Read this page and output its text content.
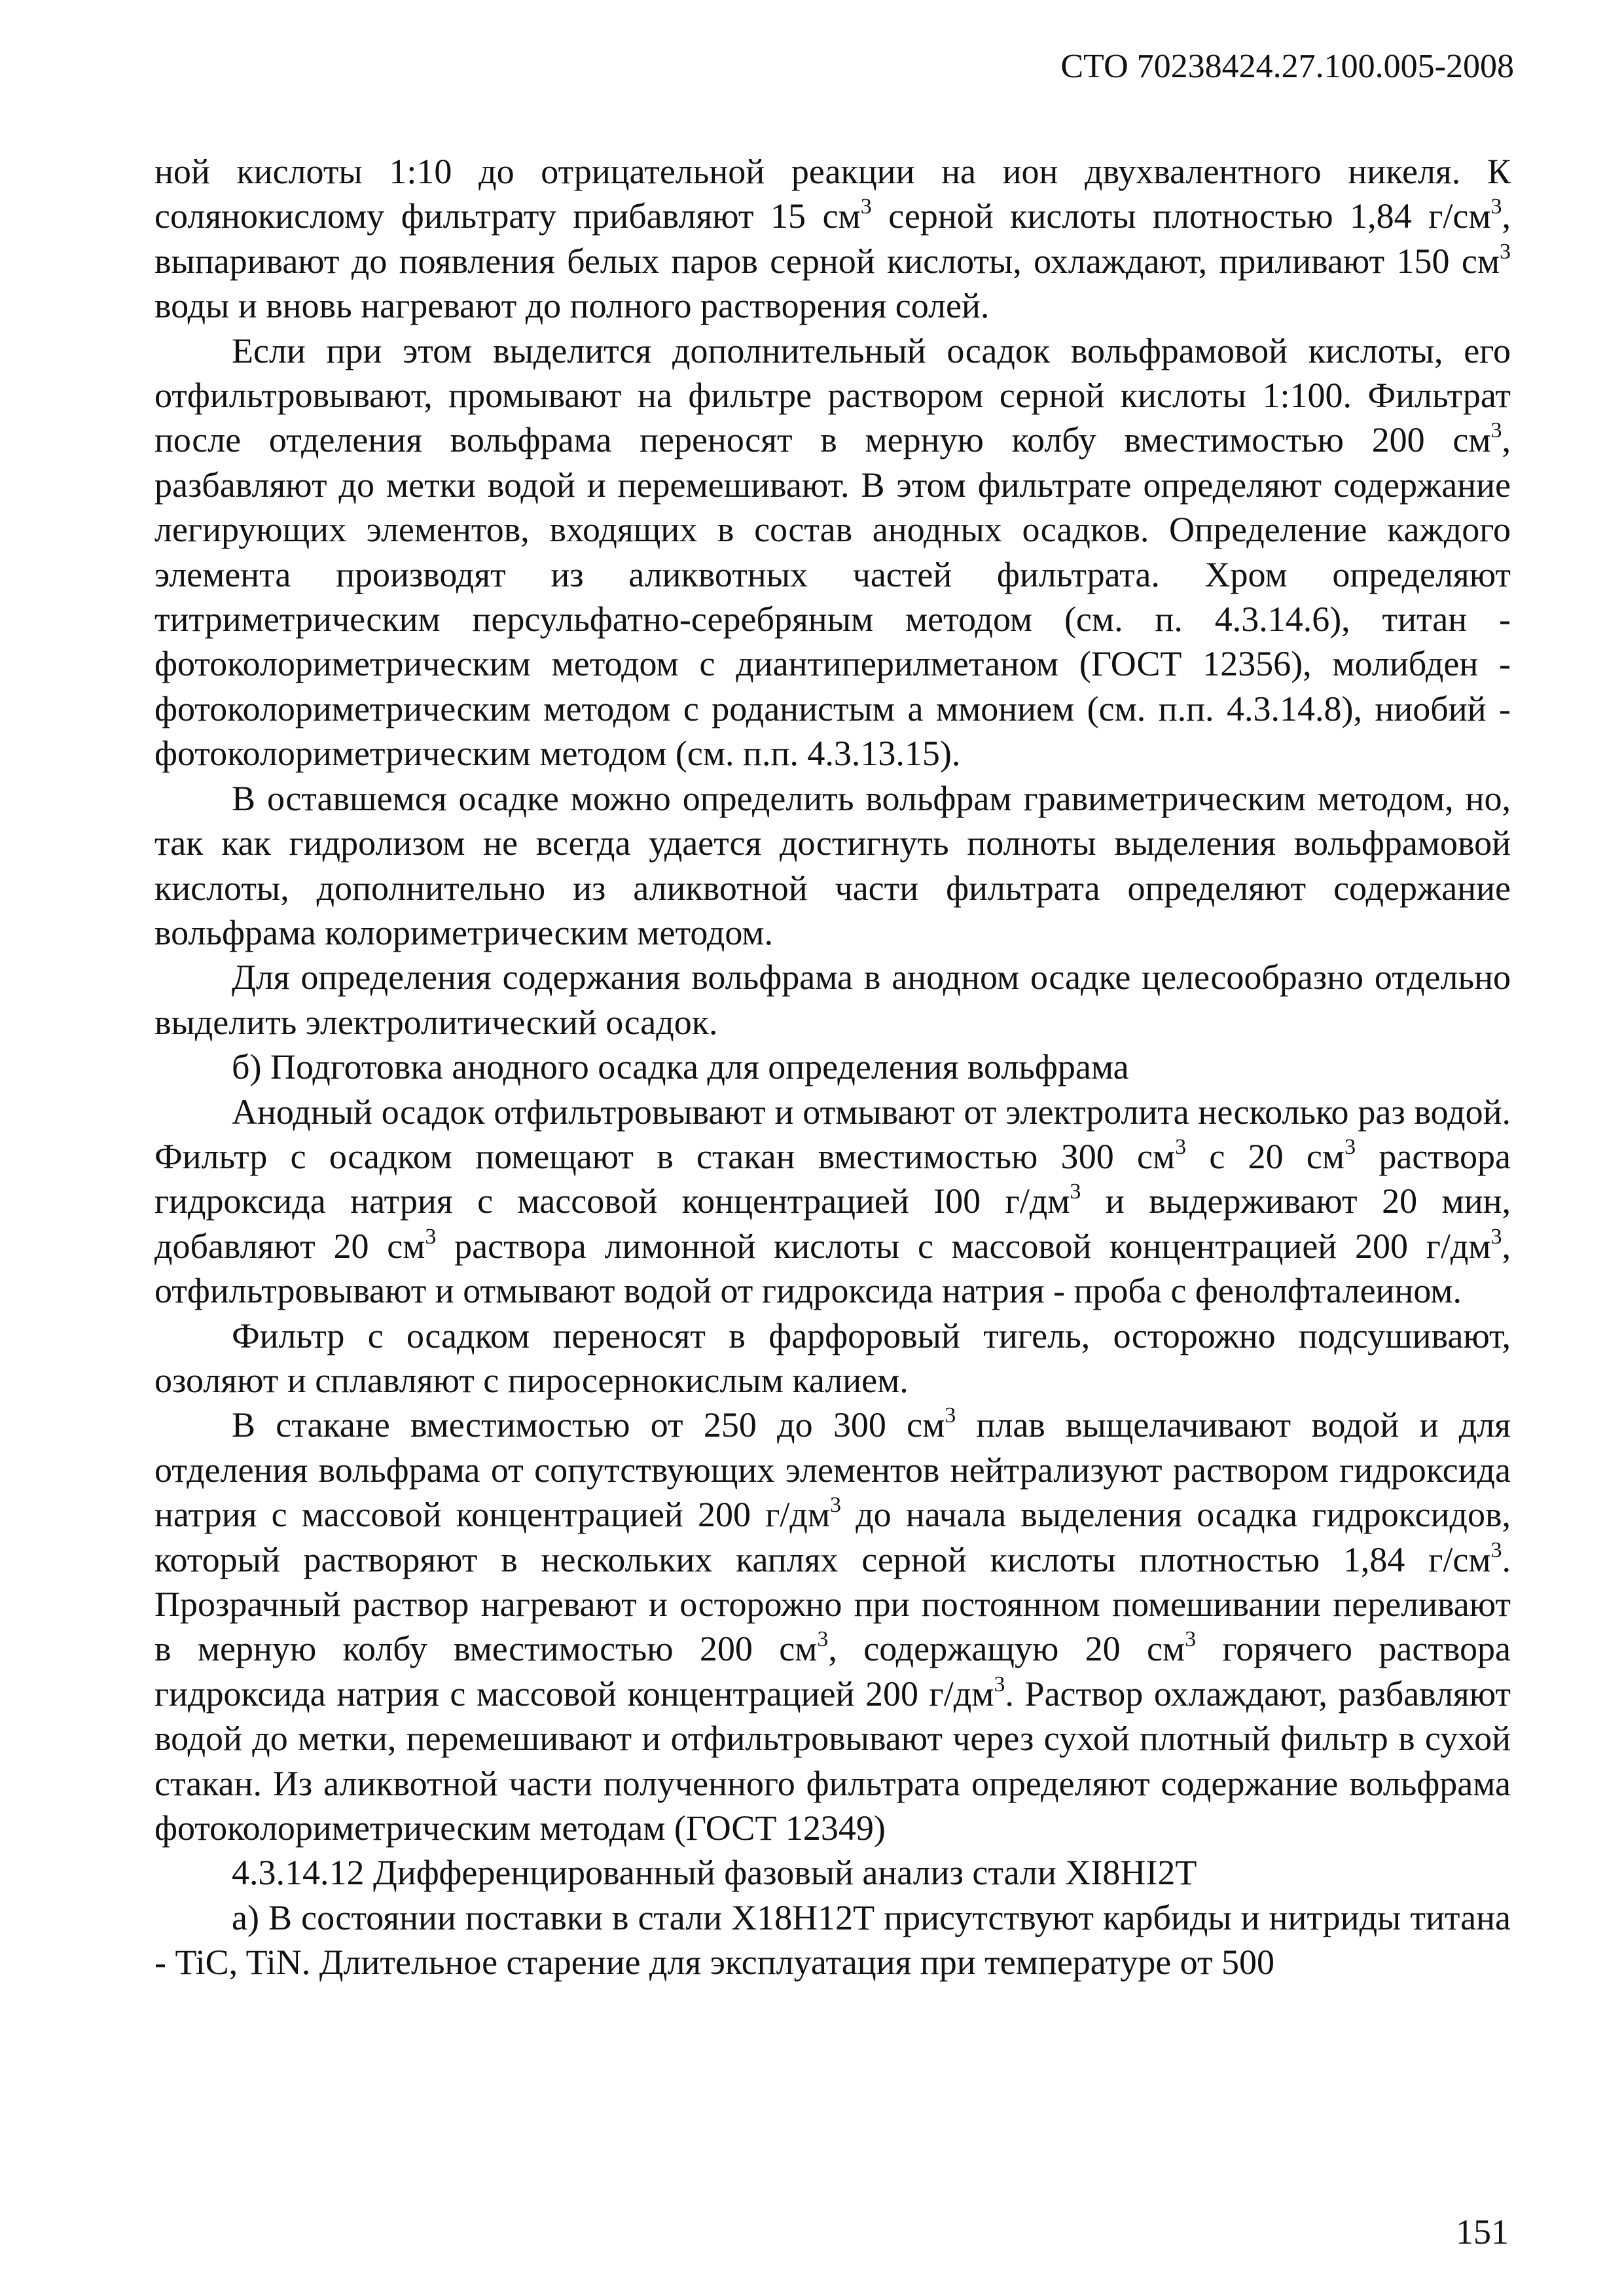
СТО 70238424.27.100.005-2008

ной кислоты 1:10 до отрицательной реакции на ион двухвалентного никеля. К солянокислому фильтрату прибавляют 15 $см^3$ серной кислоты плотностью 1,84 $г/см^3$, выпаривают до появления белых паров серной кислоты, охлаждают, приливают 150 $см^3$ воды и вновь нагревают до полного растворения солей.

Если при этом выделится дополнительный осадок вольфрамовой кислоты, его отфильтровывают, промывают на фильтре раствором серной кислоты 1:100. Фильтрат после отделения вольфрама переносят в мерную колбу вместимостью 200 $см^3$, разбавляют до метки водой и перемешивают. В этом фильтрате определяют содержание легирующих элементов, входящих в состав анодных осадков. Определение каждого элемента производят из аликвотных частей фильтрата. Хром определяют титриметрическим персульфатно-серебряным методом (см. п. 4.3.14.6), титан - фотоколориметрическим методом с диантиперилметаном (ГОСТ 12356), молибден - фотоколориметрическим методом с роданистым а ммонием (см. п.п. 4.3.14.8), ниобий - фотоколориметрическим методом (см. п.п. 4.3.13.15).

В оставшемся осадке можно определить вольфрам гравиметрическим методом, но, так как гидролизом не всегда удается достигнуть полноты выделения вольфрамовой кислоты, дополнительно из аликвотной части фильтрата определяют содержание вольфрама колориметрическим методом.

Для определения содержания вольфрама в анодном осадке целесообразно отдельно выделить электролитический осадок.

б) Подготовка анодного осадка для определения вольфрама

Анодный осадок отфильтровывают и отмывают от электролита несколько раз водой. Фильтр с осадком помещают в стакан вместимостью З00 $см^3$ с 20 $см^3$ раствора гидроксида натрия с массовой концентрацией I00 $г/дм^3$ и выдерживают 20 мин, добавляют 20 $см^3$ раствора лимонной кислоты с массовой концентрацией 200 $г/дм^3$, отфильтровывают и отмывают водой от гидроксида натрия - проба с фенолфталеином.

Фильтр с осадком переносят в фарфоровый тигель, осторожно подсушивают, озоляют и сплавляют с пиросернокислым калием.

В стакане вместимостью от 250 до 300 $см^3$ плав выщелачивают водой и для отделения вольфрама от сопутствующих элементов нейтрализуют раствором гидроксида натрия с массовой концентрацией 200 $г/дм^3$ до начала выделения осадка гидроксидов, который растворяют в нескольких каплях серной кислоты плотностью 1,84 $г/см^3$. Прозрачный раствор нагревают и осторожно при постоянном помешивании переливают в мерную колбу вместимостью 200 $см^3$, содержащую 20 $см^3$ горячего раствора гидроксида натрия с массовой концентрацией 200 $г/дм^3$. Раствор охлаждают, разбавляют водой до метки, перемешивают и отфильтровывают через сухой плотный фильтр в сухой стакан. Из аликвотной части полученного фильтрата определяют содержание вольфрама фотоколориметрическим методам (ГОСТ 12349)

4.3.14.12 Дифференцированный фазовый анализ стали XI8HI2T

а) В состоянии поставки в стали Х18Н12Т присутствуют карбиды и нитриды титана - TiC, TiN. Длительное старение для эксплуатация при температуре от 500

151
